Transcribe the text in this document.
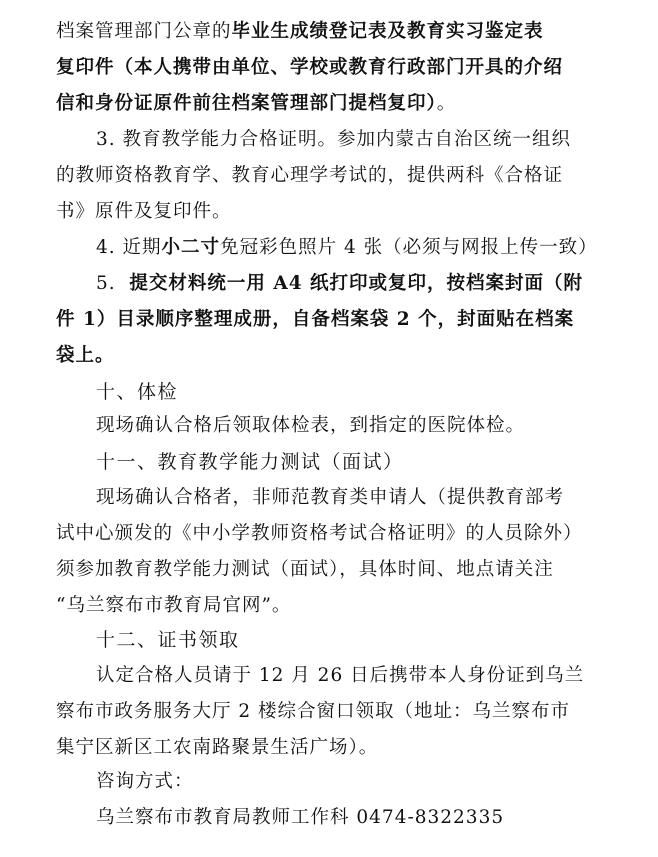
档案管理部门公章的毕业生成绩登记表及教育实习鉴定表
复印件（本人携带由单位、学校或教育行政部门开具的介绍
信和身份证原件前往档案管理部门提档复印）。
3. 教育教学能力合格证明。参加内蒙古自治区统一组织
的教师资格教育学、教育心理学考试的，提供两科《合格证
书》原件及复印件。
4. 近期小二寸免冠彩色照片 4 张（必须与网报上传一致）
5. 提交材料统一用 A4 纸打印或复印，按档案封面（附
件 1）目录顺序整理成册，自备档案袋 2 个，封面贴在档案
袋上。
十、体检
现场确认合格后领取体检表，到指定的医院体检。
十一、教育教学能力测试（面试）
现场确认合格者，非师范教育类申请人（提供教育部考
试中心颁发的《中小学教师资格考试合格证明》的人员除外）
须参加教育教学能力测试（面试），具体时间、地点请关注
“乌兰察布市教育局官网”。
十二、证书领取
认定合格人员请于 12 月 26 日后携带本人身份证到乌兰
察布市政务服务大厅 2 楼综合窗口领取（地址：乌兰察布市
集宁区新区工农南路聚景生活广场）。
咨询方式：
乌兰察布市教育局教师工作科 0474-8322335
